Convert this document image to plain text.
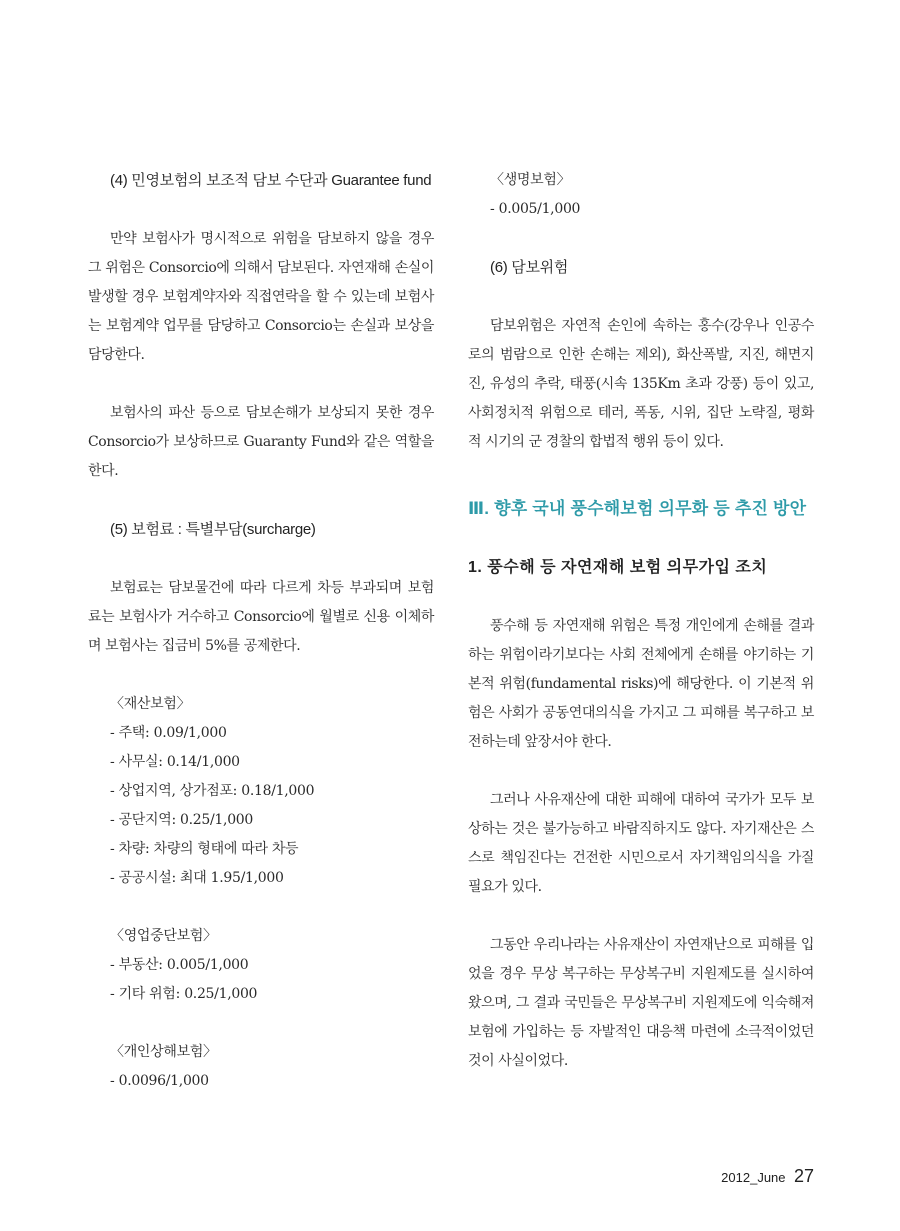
(4) 민영보험의 보조적 담보 수단과 Guarantee fund

만약 보험사가 명시적으로 위험을 담보하지 않을 경우 그 위험은 Consorcio에 의해서 담보된다. 자연재해 손실이 발생할 경우 보험계약자와 직접연락을 할 수 있는데 보험사는 보험계약 업무를 담당하고 Consorcio는 손실과 보상을 담당한다.

보험사의 파산 등으로 담보손해가 보상되지 못한 경우 Consorcio가 보상하므로 Guaranty Fund와 같은 역할을 한다.

(5) 보험료 : 특별부담(surcharge)

보험료는 담보물건에 따라 다르게 차등 부과되며 보험료는 보험사가 거수하고 Consorcio에 월별로 신용 이체하며 보험사는 집금비 5%를 공제한다.

〈재산보험〉

- 주택: 0.09/1,000

- 사무실: 0.14/1,000

- 상업지역, 상가점포: 0.18/1,000

- 공단지역: 0.25/1,000

- 차량: 차량의 형태에 따라 차등

- 공공시설: 최대 1.95/1,000

〈영업중단보험〉

- 부동산: 0.005/1,000

- 기타 위험: 0.25/1,000

〈개인상해보험〉

- 0.0096/1,000

〈생명보험〉

- 0.005/1,000

(6) 담보위험

담보위험은 자연적 손인에 속하는 홍수(강우나 인공수로의 범람으로 인한 손해는 제외), 화산폭발, 지진, 해면지진, 유성의 추락, 태풍(시속 135Km 초과 강풍) 등이 있고, 사회정치적 위험으로 테러, 폭동, 시위, 집단 노략질, 평화적 시기의 군 경찰의 합법적 행위 등이 있다.

Ⅲ. 향후 국내 풍수해보험 의무화 등 추진 방안

1. 풍수해 등 자연재해 보험 의무가입 조치

풍수해 등 자연재해 위험은 특정 개인에게 손해를 결과하는 위험이라기보다는 사회 전체에게 손해를 야기하는 기본적 위험(fundamental risks)에 해당한다. 이 기본적 위험은 사회가 공동연대의식을 가지고 그 피해를 복구하고 보전하는데 앞장서야 한다.

그러나 사유재산에 대한 피해에 대하여 국가가 모두 보상하는 것은 불가능하고 바람직하지도 않다. 자기재산은 스스로 책임진다는 건전한 시민으로서 자기책임의식을 가질 필요가 있다.

그동안 우리나라는 사유재산이 자연재난으로 피해를 입었을 경우 무상 복구하는 무상복구비 지원제도를 실시하여 왔으며, 그 결과 국민들은 무상복구비 지원제도에 익숙해져 보험에 가입하는 등 자발적인 대응책 마련에 소극적이었던 것이 사실이었다.

2012_June 27
